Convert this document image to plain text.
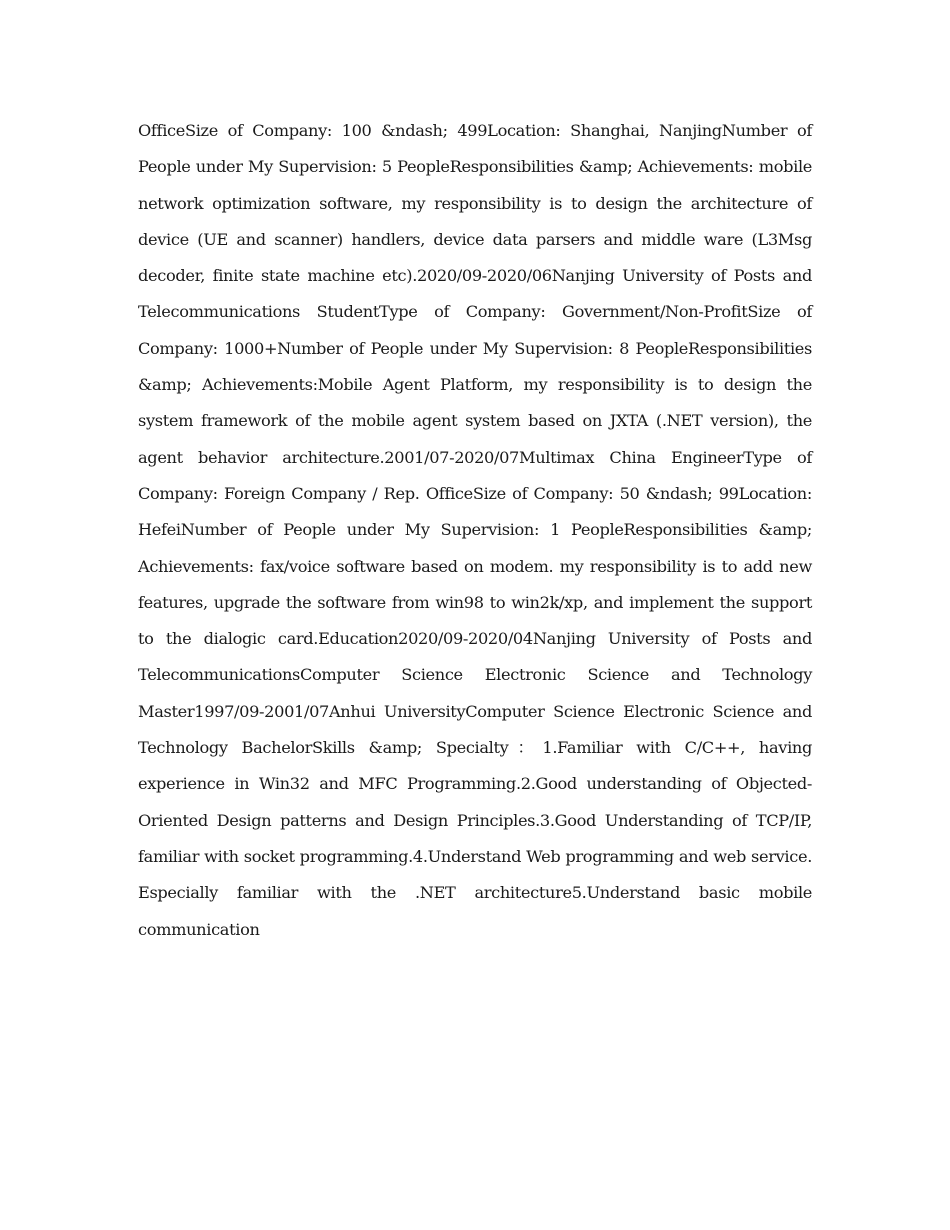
OfficeSize of Company: 100 &ndash; 499Location: Shanghai, NanjingNumber of People under My Supervision: 5 PeopleResponsibilities &amp; Achievements: mobile network optimization software, my responsibility is to design the architecture of device (UE and scanner) handlers, device data parsers and middle ware (L3Msg decoder, finite state machine etc).2020/09-2020/06Nanjing University of Posts and Telecommunications StudentType of Company: Government/Non-ProfitSize of Company: 1000+Number of People under My Supervision: 8 PeopleResponsibilities &amp; Achievements:Mobile Agent Platform, my responsibility is to design the system framework of the mobile agent system based on JXTA (.NET version), the agent behavior architecture.2001/07-2020/07Multimax China EngineerType of Company: Foreign Company / Rep. OfficeSize of Company: 50 &ndash; 99Location: HefeiNumber of People under My Supervision: 1 PeopleResponsibilities &amp; Achievements: fax/voice software based on modem. my responsibility is to add new features, upgrade the software from win98 to win2k/xp, and implement the support to the dialogic card.Education2020/09-2020/04Nanjing University of Posts and TelecommunicationsComputer Science Electronic Science and Technology Master1997/09-2001/07Anhui UniversityComputer Science Electronic Science and Technology BachelorSkills &amp; Specialty：1.Familiar with C/C++, having experience in Win32 and MFC Programming.2.Good understanding of Objected-Oriented Design patterns and Design Principles.3.Good Understanding of TCP/IP, familiar with socket programming.4.Understand Web programming and web service. Especially familiar with the .NET architecture5.Understand basic mobile communication
